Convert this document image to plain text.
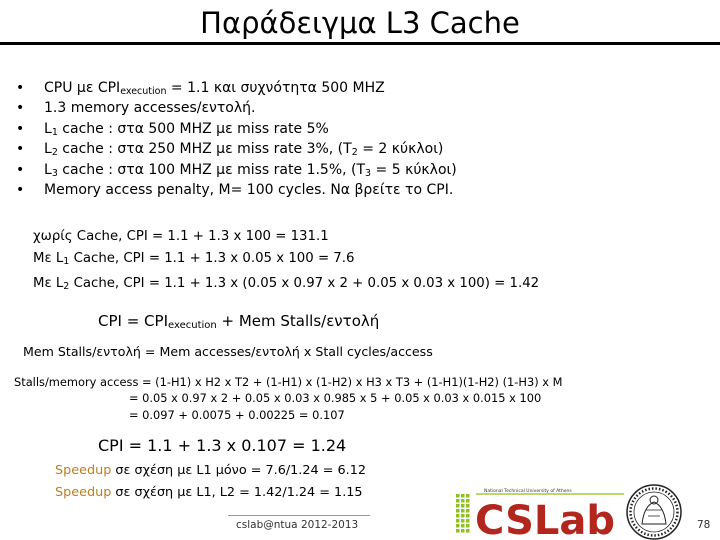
Παράδειγμα L3 Cache
• CPU με $CPI_{execution} = 1.1$ και συχνότητα 500 MHZ
• 1.3 memory accesses/εντολή.
• $L_1$ cache : στα 500 MHZ με miss rate 5%
• $L_2$ cache : στα 250 MHZ με miss rate 3%, ($T_2 = 2$ κύκλοι)
• $L_3$ cache : στα 100 MHZ με miss rate 1.5%, ($T_3 = 5$ κύκλοι)
• Memory access penalty, M= 100 cycles. Να βρείτε το CPI.
χωρίς Cache, CPI = 1.1 + 1.3 x 100 = 131.1
Με $L_1$ Cache, CPI = 1.1 + 1.3 x 0.05 x 100 = 7.6
Με $L_2$ Cache, CPI = 1.1 + 1.3 x (0.05 x 0.97 x 2 + 0.05 x 0.03 x 100) = 1.42
CPI = $CPI_{execution}$ + Mem Stalls/εντολή
Mem Stalls/εντολή = Mem accesses/εντολή x Stall cycles/access
Stalls/memory access = (1-H1) x H2 x T2 + (1-H1) x (1-H2) x H3 x T3 + (1-H1)(1-H2) (1-H3) x M
= 0.05 x 0.97 x 2 + 0.05 x 0.03 x 0.985 x 5 + 0.05 x 0.03 x 0.015 x 100
= 0.097 + 0.0075 + 0.00225 = 0.107
CPI = 1.1 + 1.3 x 0.107 = 1.24
Speedup σε σχέση με L1 μόνο = 7.6/1.24 = 6.12
Speedup σε σχέση με L1, L2 = 1.42/1.24 = 1.15
cslab@ntua 2012-2013
National Technical University of Athens
CSLab	78
